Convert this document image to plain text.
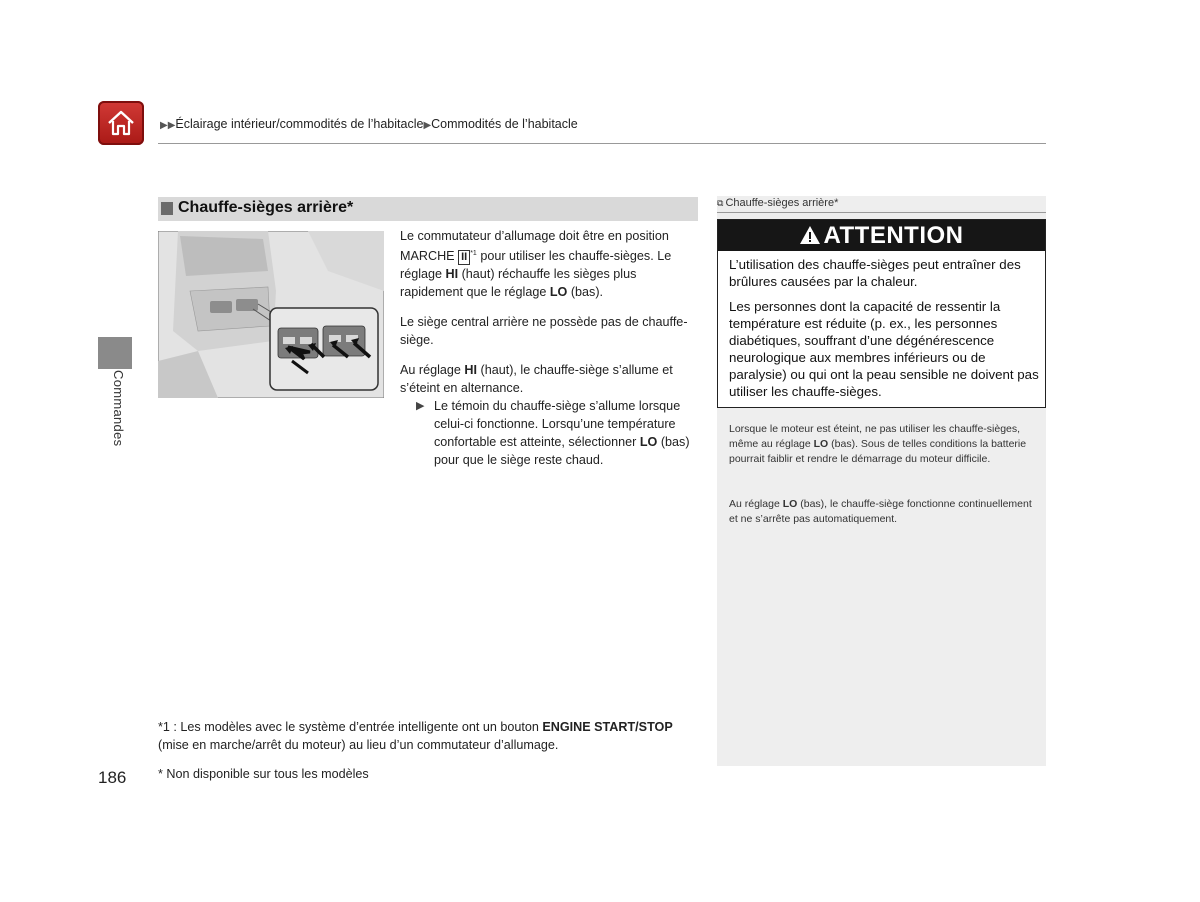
▶▶Éclairage intérieur/commodités de l’habitacle▶Commodités de l’habitacle
Commandes
Chauffe-sièges arrière*
Le commutateur d’allumage doit être en position MARCHE II $^{*1}$ pour utiliser les chauffe-sièges. Le réglage HI (haut) réchauffe les sièges plus rapidement que le réglage LO (bas).
Le siège central arrière ne possède pas de chauffe-siège.
Au réglage HI (haut), le chauffe-siège s’allume et s’éteint en alternance.
▶ Le témoin du chauffe-siège s’allume lorsque celui-ci fonctionne. Lorsqu’une température confortable est atteinte, sélectionner LO (bas) pour que le siège reste chaud.
*1 : Les modèles avec le système d’entrée intelligente ont un bouton ENGINE START/STOP (mise en marche/arrêt du moteur) au lieu d’un commutateur d’allumage.
186	* Non disponible sur tous les modèles
⧉ Chauffe-sièges arrière*
ATTENTION
L’utilisation des chauffe-sièges peut entraîner des brûlures causées par la chaleur.
Les personnes dont la capacité de ressentir la température est réduite (p. ex., les personnes diabétiques, souffrant d’une dégénérescence neurologique aux membres inférieurs ou de paralysie) ou qui ont la peau sensible ne doivent pas utiliser les chauffe-sièges.
Lorsque le moteur est éteint, ne pas utiliser les chauffe-sièges, même au réglage LO (bas). Sous de telles conditions la batterie pourrait faiblir et rendre le démarrage du moteur difficile.
Au réglage LO (bas), le chauffe-siège fonctionne continuellement et ne s’arrête pas automatiquement.
